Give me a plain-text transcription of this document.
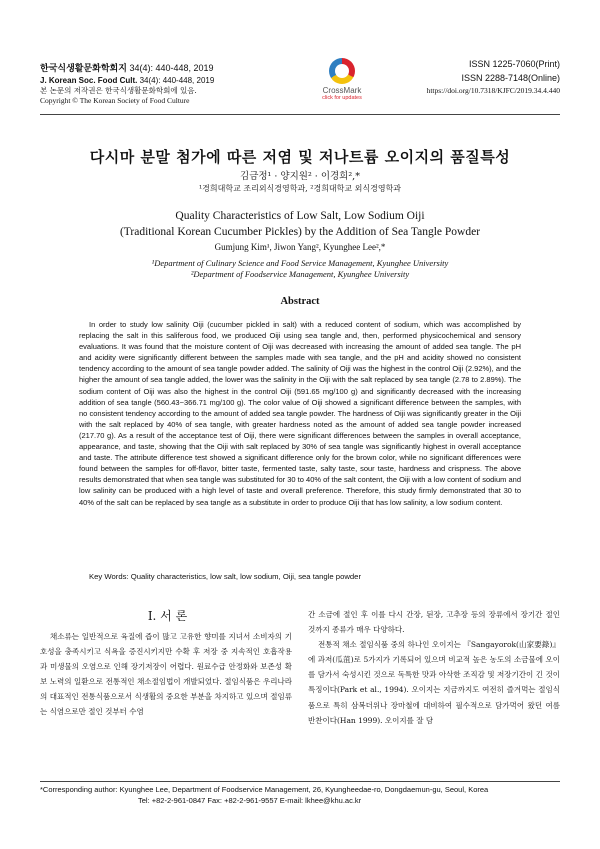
한국식생활문화학회지 34(4): 440-448, 2019
J. Korean Soc. Food Cult. 34(4): 440-448, 2019
본 논문의 저작권은 한국식생활문화학회에 있음.
Copyright © The Korean Society of Food Culture
CrossMark
click for updates
ISSN 1225-7060(Print)
ISSN 2288-7148(Online)
https://doi.org/10.7318/KJFC/2019.34.4.440
다시마 분말 첨가에 따른 저염 및 저나트륨 오이지의 품질특성
김금정¹ · 양지원² · 이경희²,*
¹경희대학교 조리외식경영학과, ²경희대학교 외식경영학과
Quality Characteristics of Low Salt, Low Sodium Oiji
(Traditional Korean Cucumber Pickles) by the Addition of Sea Tangle Powder
Gumjung Kim¹, Jiwon Yang², Kyunghee Lee²,*
¹Department of Culinary Science and Food Service Management, Kyunghee University
²Department of Foodservice Management, Kyunghee University
Abstract

In order to study low salinity Oiji (cucumber pickled in salt) with a reduced content of sodium, which was accomplished by replacing the salt in this saliferous food, we produced Oiji using sea tangle and, then, performed physicochemical and sensory evaluations. It was found that the moisture content of Oiji was decreased with increasing the amount of added sea tangle. The pH and acidity were significantly different between the samples made with sea tangle, and the pH and acidity showed no consistent tendency according to the amount of sea tangle powder added. The salinity of Oiji was the highest in the control Oiji (2.92%), and the higher the amount of sea tangle added, the lower was the salinity in the Oiji with the salt replaced by sea tangle (2.78 to 2.89%). The sodium content of Oiji was also the highest in the control Oiji (591.65 mg/100 g) and significantly decreased with the increasing addition of sea tangle (560.43~366.71 mg/100 g). The color value of Oiji showed a significant difference between the samples, with no consistent tendency according to the amount of added sea tangle powder. The hardness of Oiji was significantly greater in the Oiji with the salt replaced by 40% of sea tangle, with greater hardness noted as the amount of added sea tangle powder increased (217.70 g). As a result of the acceptance test of Oiji, there were significant differences between the samples in overall acceptance, appearance, and taste, showing that the Oiji with salt replaced by 30% of sea tangle was significantly highest in overall acceptance and taste. The attribute difference test showed a significant difference only for the brown color, while no significant differences were found between the samples for off-flavor, bitter taste, fermented taste, salty taste, sour taste, hardness and crispness. The above results demonstrated that when sea tangle was substituted for 30 to 40% of the salt content, the Oiji with a low content of sodium and low salinity can be produced with a high level of taste and overall preference. Therefore, this study firmly demonstrated that 30 to 40% of the salt can be replaced by sea tangle as a substitute in order to produce Oiji that has low salinity, a low sodium content.

Key Words: Quality characteristics, low salt, low sodium, Oiji, sea tangle powder
I. 서 론

채소류는 일반적으로 육질에 즙이 많고 고유한 향미를 지녀서 소비자의 기호성을 충족시키고 식욕을 증진시키지만 수확 후 저장 중 지속적인 호흡작용과 미생물의 오염으로 인해 장기저장이 어렵다. 원료수급 안정화와 보존성 확보 노력의 일환으로 전통적인 채소절임법이 개발되었다. 절임식품은 우리나라의 대표적인 전통식품으로서 식생활의 중요한 부분을 차지하고 있으며 절임류는 식염으로만 절인 것부터 수염

간 소금에 절인 후 이를 다시 간장, 된장, 고추장 등의 장류에서 장기간 절인 것까지 종류가 매우 다양하다.

전통적 채소 절임식품 중의 하나인 오이지는 『Sangayorok(山家要錄)』에 과저(瓜菹)로 5가지가 기록되어 있으며 비교적 높은 농도의 소금물에 오이를 담가서 숙성시킨 것으로 독특한 맛과 아삭한 조직감 및 저장기간이 긴 것이 특징이다(Park et al., 1994). 오이지는 지금까지도 여전히 즐겨먹는 절임식품으로 특히 삼복더위나 장마철에 대비하여 필수적으로 담가먹어 왔던 여름 반찬이다(Han 1999). 오이지를 잘 담

*Corresponding author: Kyunghee Lee, Department of Foodservice Management, 26, Kyungheedae-ro, Dongdaemun-gu, Seoul, Korea
Tel: +82-2-961-0847 Fax: +82-2-961-9557 E-mail: lkhee@khu.ac.kr
